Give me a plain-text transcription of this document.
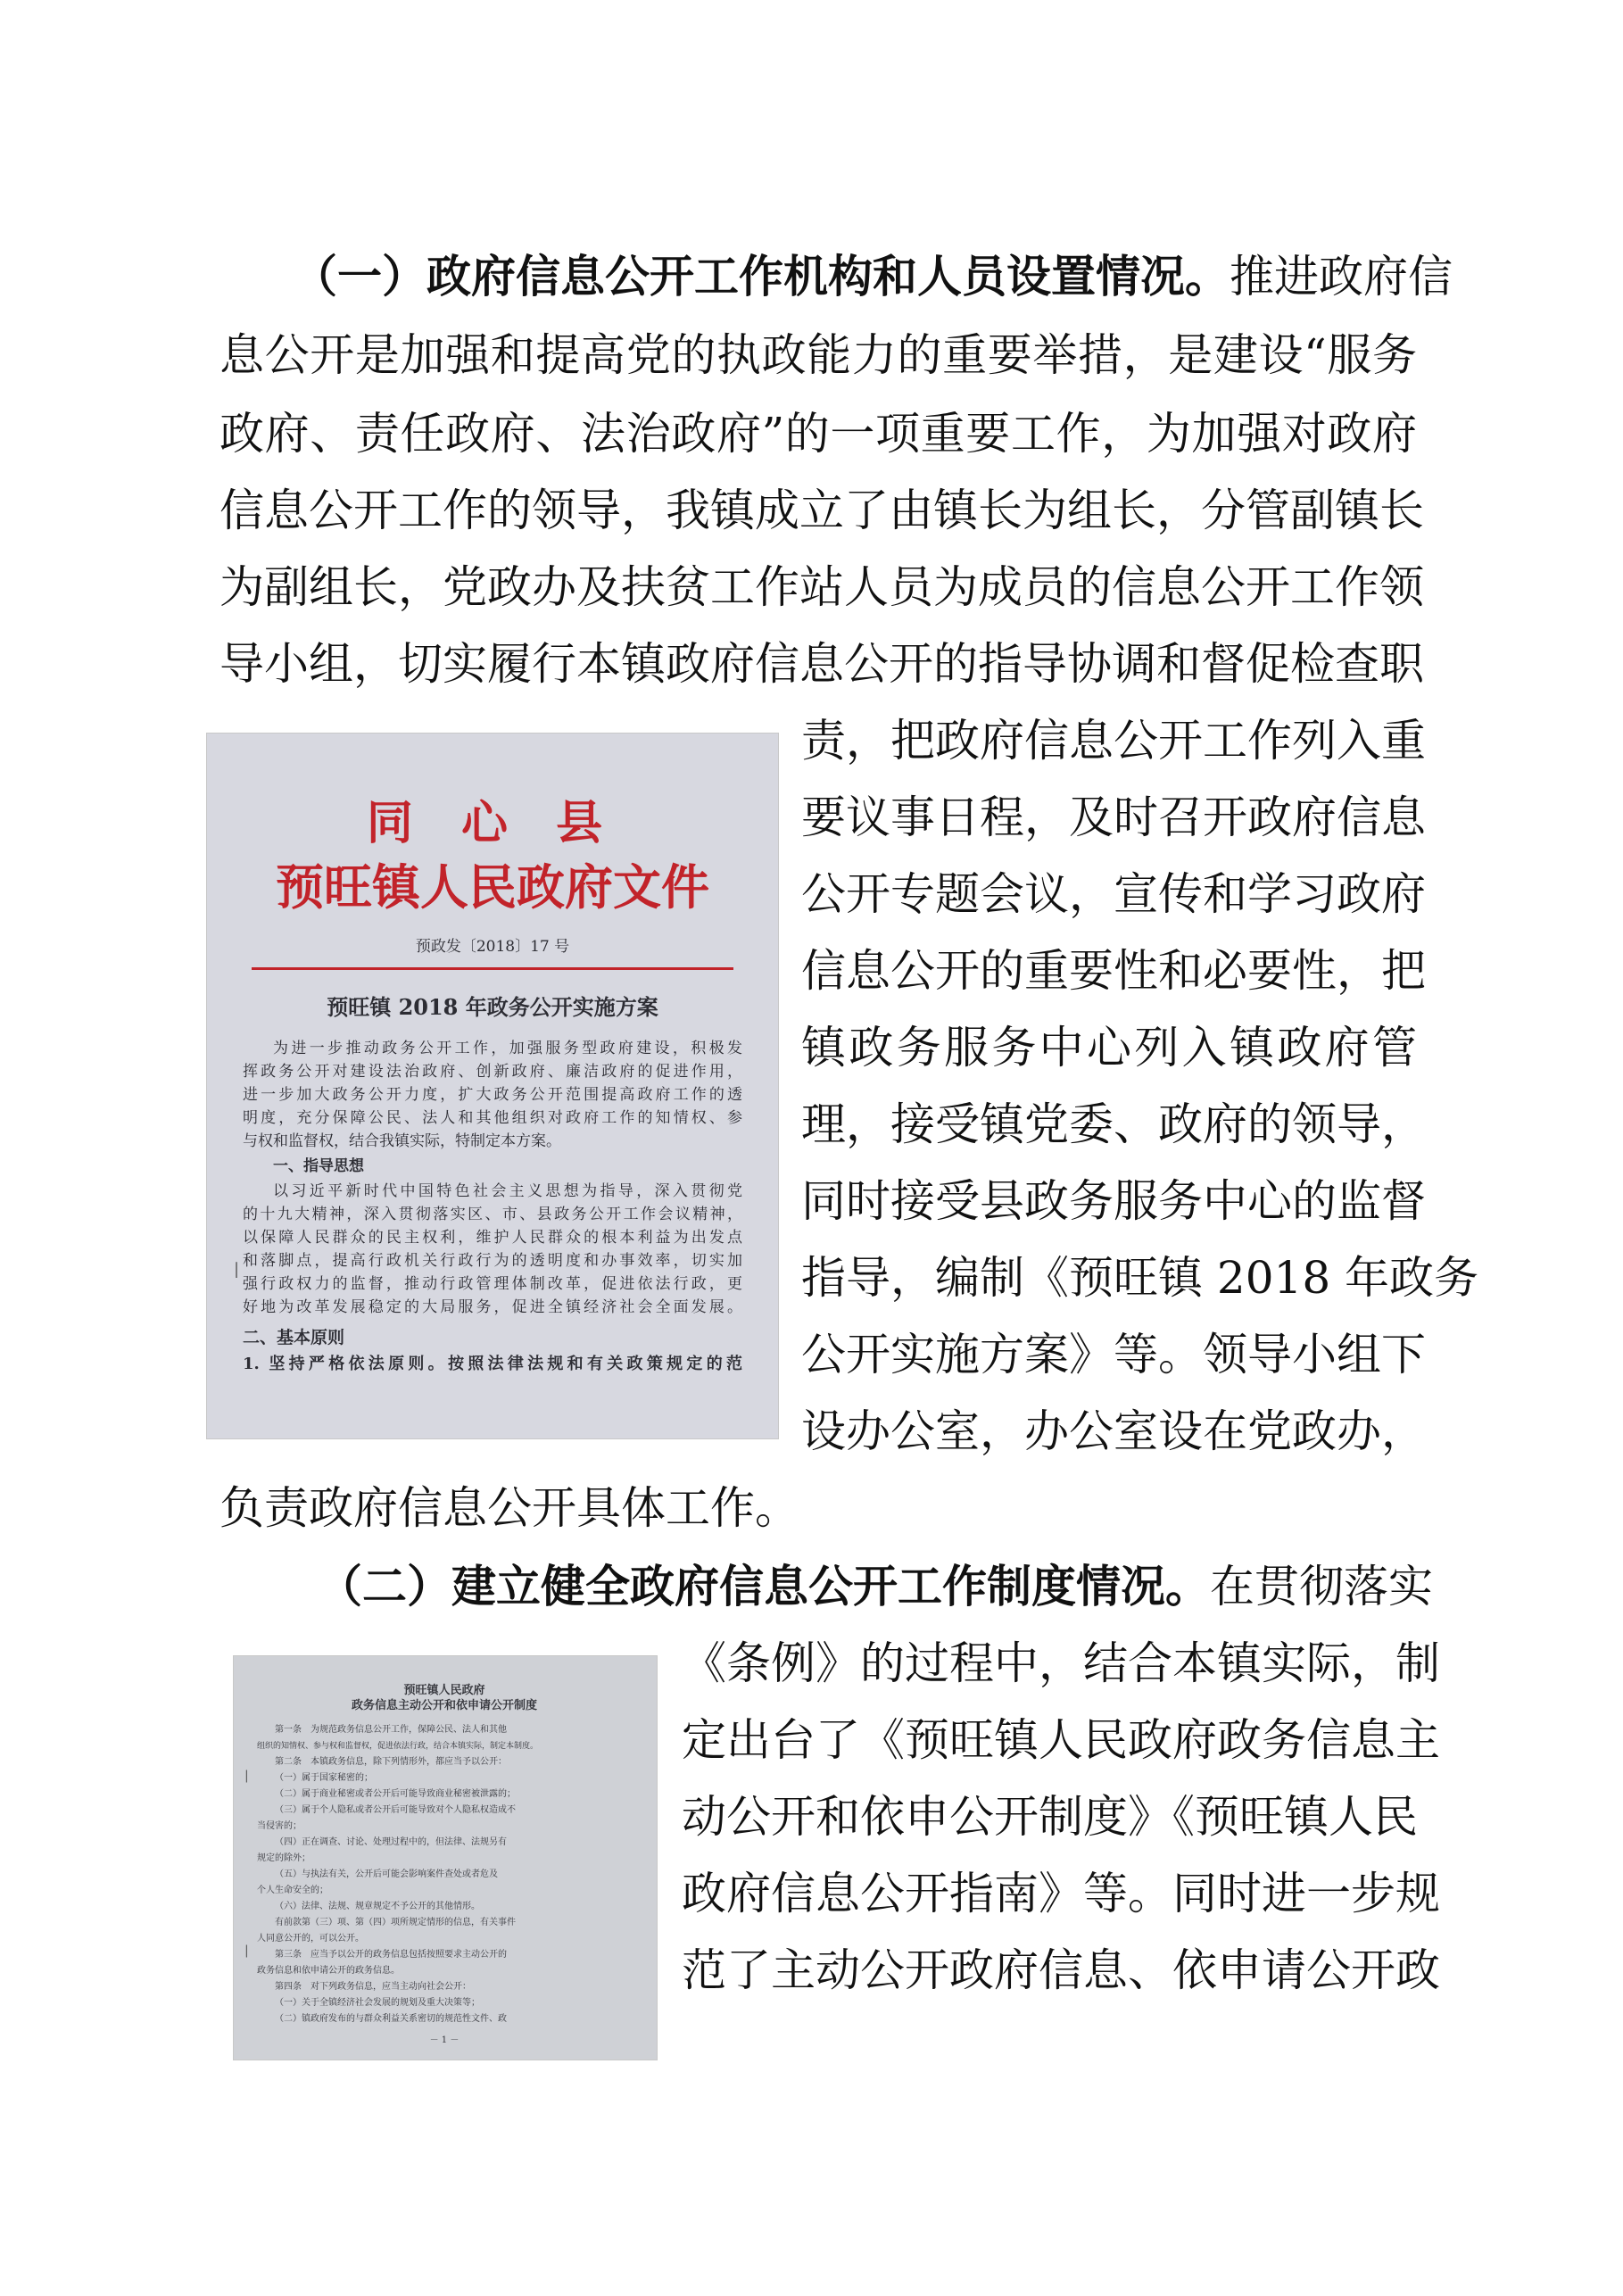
（一）政府信息公开工作机构和人员设置情况。推进政府信
息公开是加强和提高党的执政能力的重要举措，是建设“服务
政府、责任政府、法治政府”的一项重要工作，为加强对政府
信息公开工作的领导，我镇成立了由镇长为组长，分管副镇长
为副组长，党政办及扶贫工作站人员为成员的信息公开工作领
导小组，切实履行本镇政府信息公开的指导协调和督促检查职
责，把政府信息公开工作列入重
要议事日程，及时召开政府信息
公开专题会议，宣传和学习政府
信息公开的重要性和必要性，把
镇政务服务中心列入镇政府管
理，接受镇党委、政府的领导，
同时接受县政务服务中心的监督
指导，编制《预旺镇 2018 年政务
公开实施方案》等。领导小组下
设办公室，办公室设在党政办，
负责政府信息公开具体工作。
同 心 县
预旺镇人民政府文件
预政发〔2018〕17 号
预旺镇 2018 年政务公开实施方案
为进一步推动政务公开工作，加强服务型政府建设，积极发
挥政务公开对建设法治政府、创新政府、廉洁政府的促进作用，
进一步加大政务公开力度，扩大政务公开范围提高政府工作的透
明度，充分保障公民、法人和其他组织对政府工作的知情权、参
与权和监督权，结合我镇实际，特制定本方案。
一、指导思想
以习近平新时代中国特色社会主义思想为指导，深入贯彻党
的十九大精神，深入贯彻落实区、市、县政务公开工作会议精神，
以保障人民群众的民主权利，维护人民群众的根本利益为出发点
和落脚点，提高行政机关行政行为的透明度和办事效率，切实加
强行政权力的监督，推动行政管理体制改革，促进依法行政，更
好地为改革发展稳定的大局服务，促进全镇经济社会全面发展。
二、基本原则
1. 坚持严格依法原则。按照法律法规和有关政策规定的范
|
（二）建立健全政府信息公开工作制度情况。在贯彻落实
《条例》的过程中，结合本镇实际，制
定出台了《预旺镇人民政府政务信息主
动公开和依申公开制度》《预旺镇人民
政府信息公开指南》等。同时进一步规
范了主动公开政府信息、依申请公开政
预旺镇人民政府
政务信息主动公开和依申请公开制度
第一条　为规范政务信息公开工作，保障公民、法人和其他
组织的知情权、参与权和监督权，促进依法行政，结合本镇实际，制定本制度。
第二条　本镇政务信息，除下列情形外，都应当予以公开：
（一）属于国家秘密的；
（二）属于商业秘密或者公开后可能导致商业秘密被泄露的；
（三）属于个人隐私或者公开后可能导致对个人隐私权造成不
当侵害的；
（四）正在调查、讨论、处理过程中的，但法律、法规另有
规定的除外；
（五）与执法有关，公开后可能会影响案件查处或者危及
个人生命安全的；
（六）法律、法规、规章规定不予公开的其他情形。
有前款第（三）项、第（四）项所规定情形的信息，有关事件
人同意公开的，可以公开。
第三条　应当予以公开的政务信息包括按照要求主动公开的
政务信息和依申请公开的政务信息。
第四条　对下列政务信息，应当主动向社会公开：
（一）关于全镇经济社会发展的规划及重大决策等；
（二）镇政府发布的与群众利益关系密切的规范性文件、政
－ 1 －
|
|
